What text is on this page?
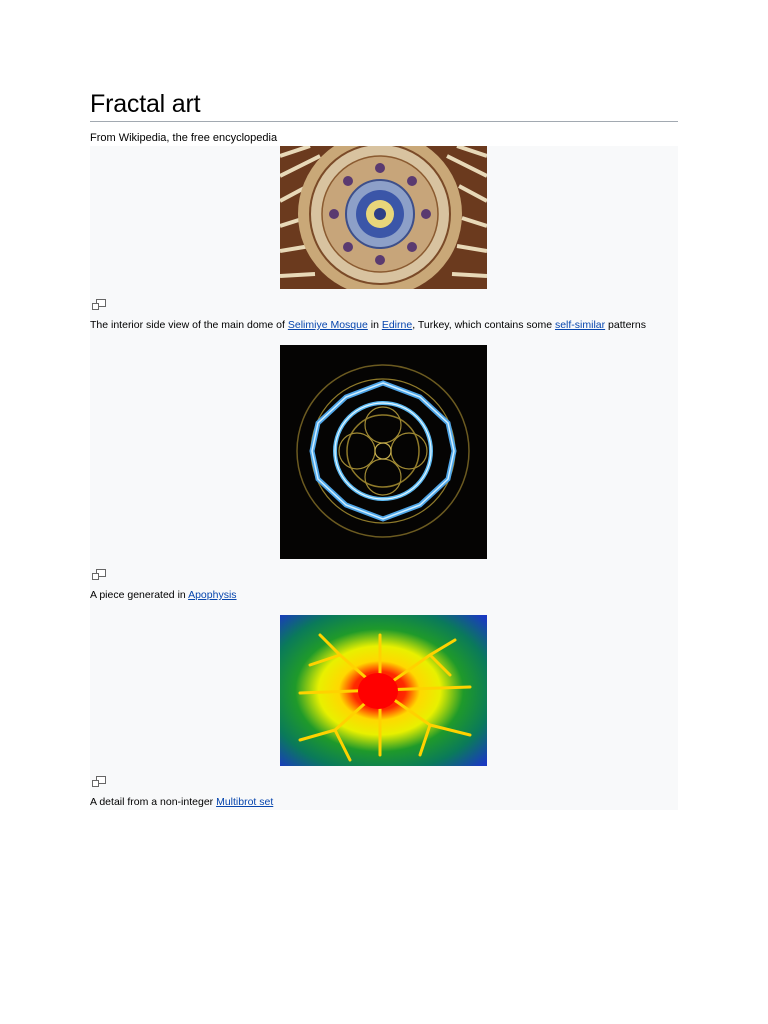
Fractal art
From Wikipedia, the free encyclopedia
The interior side view of the main dome of Selimiye Mosque in Edirne, Turkey, which contains some self-similar patterns
A piece generated in Apophysis
A detail from a non-integer Multibrot set
